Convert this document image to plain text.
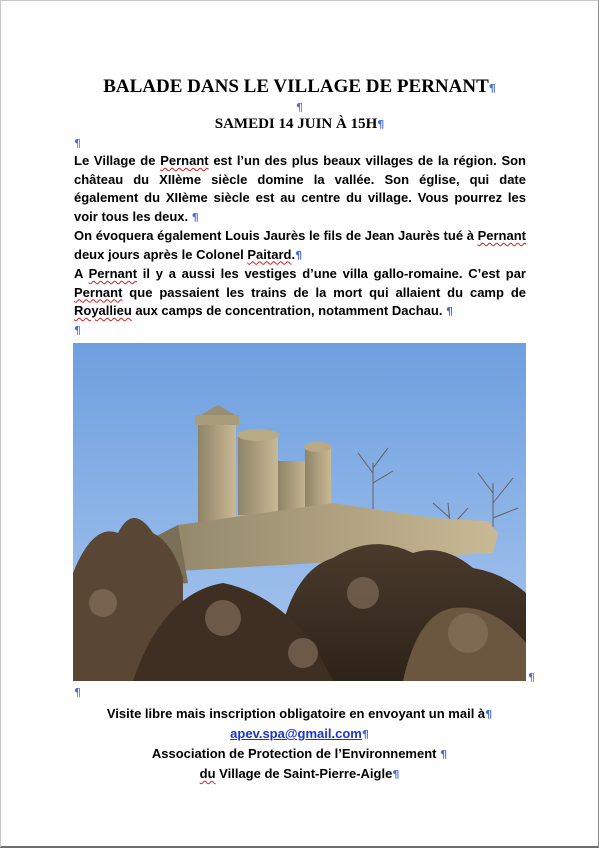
BALADE DANS LE VILLAGE DE PERNANT¶
¶
SAMEDI 14 JUIN À 15H¶
¶

Le Village de Pernant est l’un des plus beaux villages de la région. Son château du XIIème siècle domine la vallée. Son église, qui date également du XIIème siècle est au centre du village. Vous pourrez les voir tous les deux. ¶

On évoquera également Louis Jaurès le fils de Jean Jaurès tué à Pernant deux jours après le Colonel Paitard.¶

A Pernant il y a aussi les vestiges d’une villa gallo-romaine. C’est par Pernant que passaient les trains de la mort qui allaient du camp de Royallieu aux camps de concentration, notamment Dachau. ¶

¶
¶
¶
Visite libre mais inscription obligatoire en envoyant un mail à¶
apev.spa@gmail.com¶
Association de Protection de l’Environnement ¶
du Village de Saint-Pierre-Aigle¶
